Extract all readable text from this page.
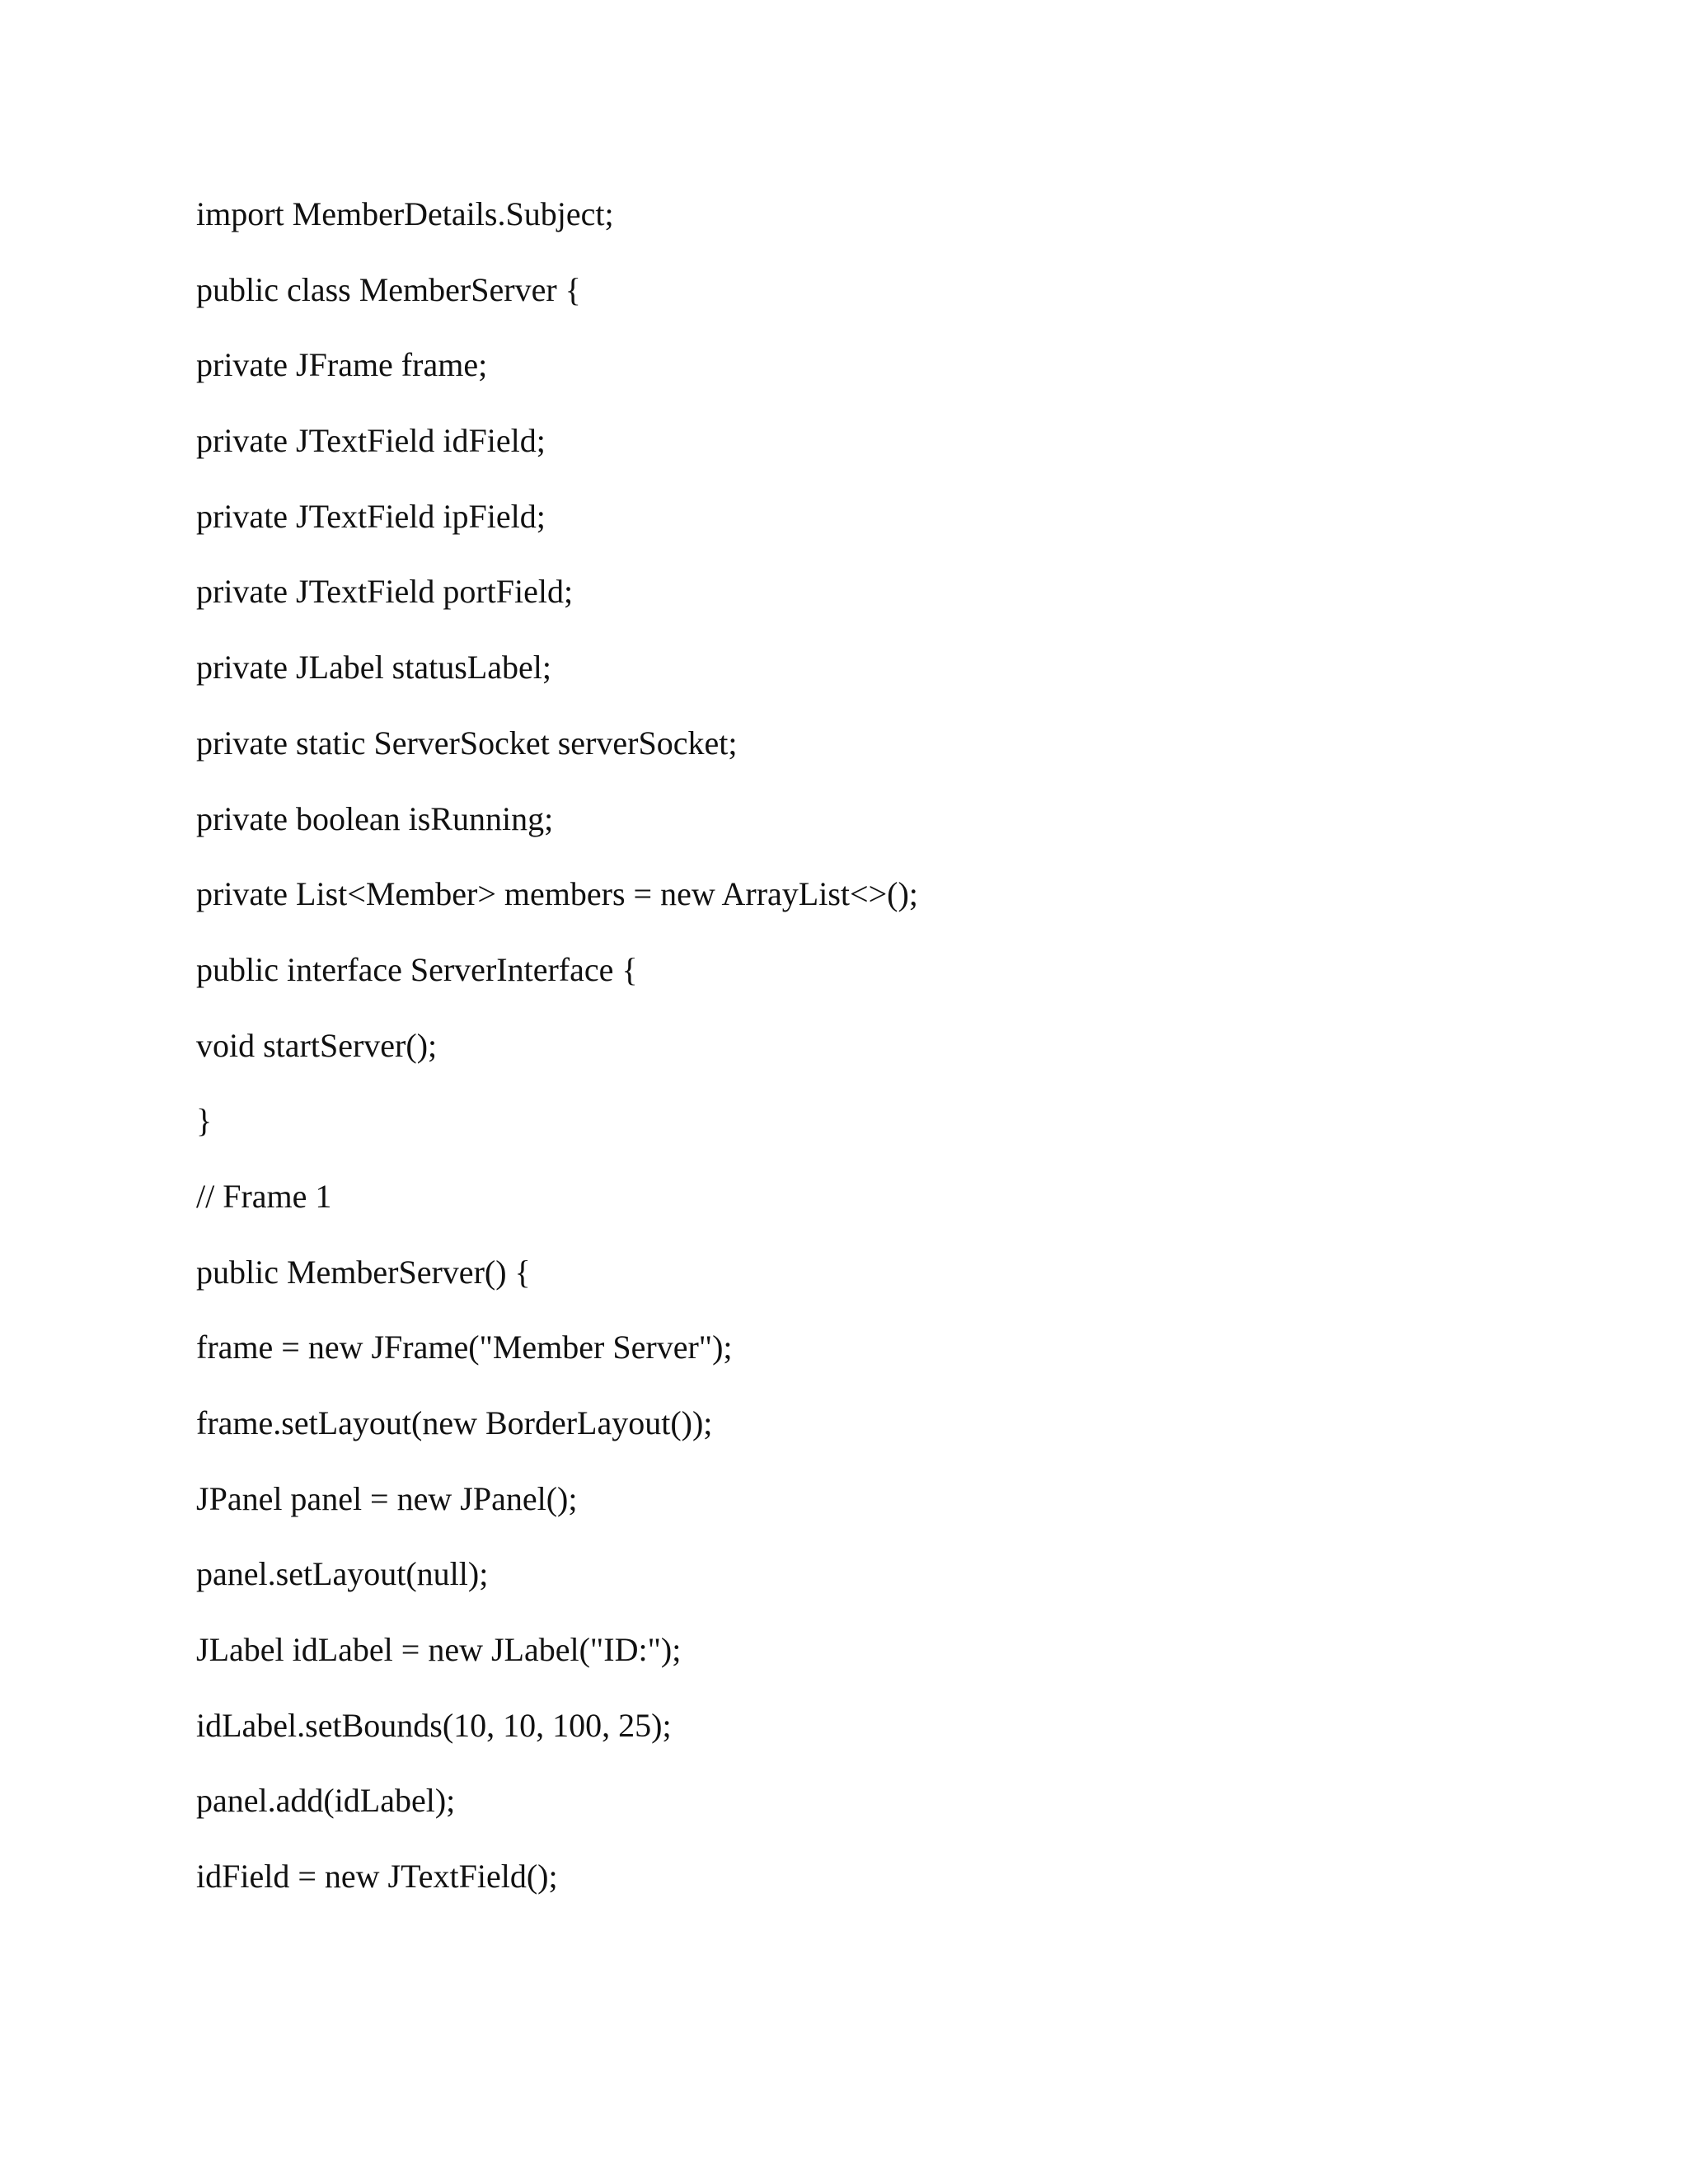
import MemberDetails.Subject;
public class MemberServer {
private JFrame frame;
private JTextField idField;
private JTextField ipField;
private JTextField portField;
private JLabel statusLabel;
private static ServerSocket serverSocket;
private boolean isRunning;
private List<Member> members = new ArrayList<>();
public interface ServerInterface {
void startServer();
}
// Frame 1
public MemberServer() {
frame = new JFrame("Member Server");
frame.setLayout(new BorderLayout());
JPanel panel = new JPanel();
panel.setLayout(null);
JLabel idLabel = new JLabel("ID:");
idLabel.setBounds(10, 10, 100, 25);
panel.add(idLabel);
idField = new JTextField();
